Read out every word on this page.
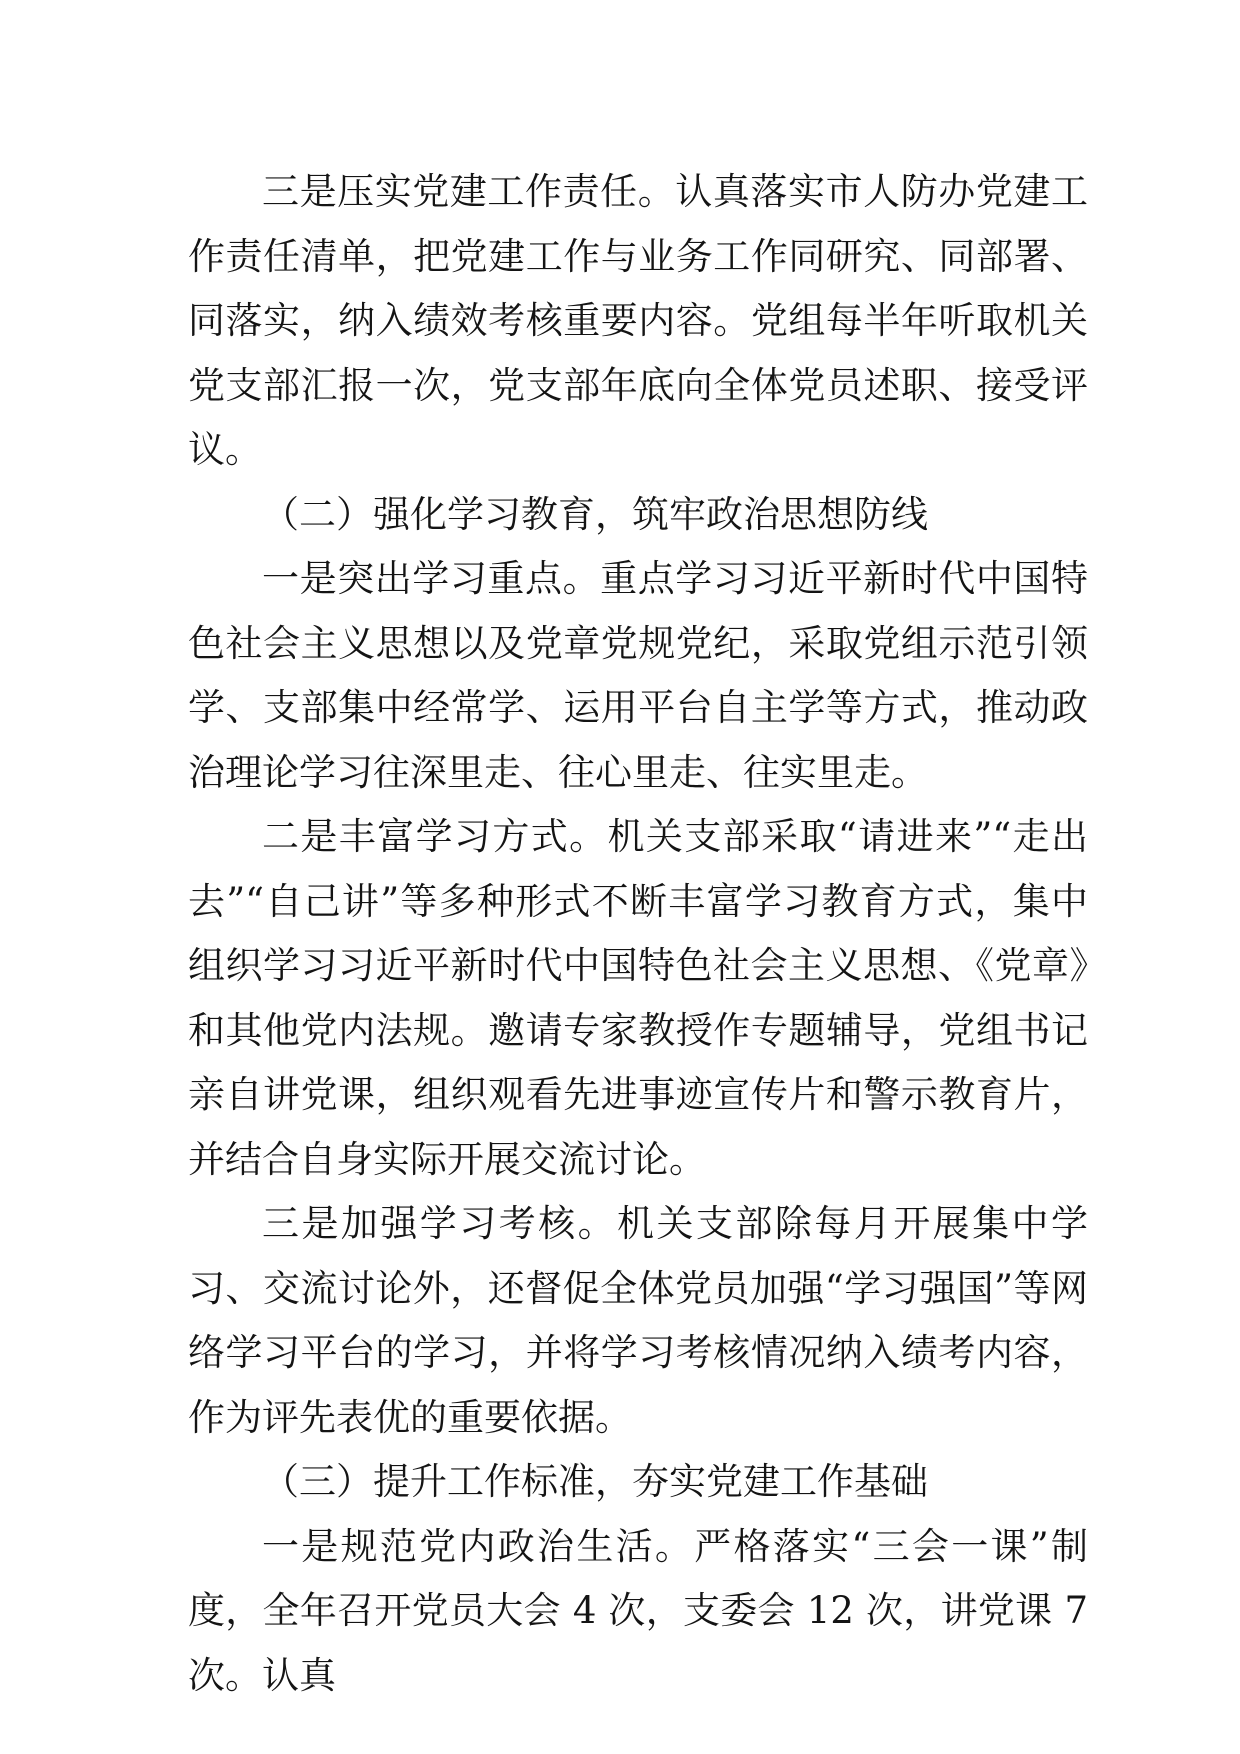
三是压实党建工作责任。认真落实市人防办党建工作责任清单，把党建工作与业务工作同研究、同部署、同落实，纳入绩效考核重要内容。党组每半年听取机关党支部汇报一次，党支部年底向全体党员述职、接受评议。

（二）强化学习教育，筑牢政治思想防线

一是突出学习重点。重点学习习近平新时代中国特色社会主义思想以及党章党规党纪，采取党组示范引领学、支部集中经常学、运用平台自主学等方式，推动政治理论学习往深里走、往心里走、往实里走。

二是丰富学习方式。机关支部采取“请进来”“走出去”“自己讲”等多种形式不断丰富学习教育方式，集中组织学习习近平新时代中国特色社会主义思想、《党章》和其他党内法规。邀请专家教授作专题辅导，党组书记亲自讲党课，组织观看先进事迹宣传片和警示教育片，并结合自身实际开展交流讨论。

三是加强学习考核。机关支部除每月开展集中学习、交流讨论外，还督促全体党员加强“学习强国”等网络学习平台的学习，并将学习考核情况纳入绩考内容，作为评先表优的重要依据。

（三）提升工作标准，夯实党建工作基础

一是规范党内政治生活。严格落实“三会一课”制度，全年召开党员大会 4 次，支委会 12 次，讲党课 7 次。认真
